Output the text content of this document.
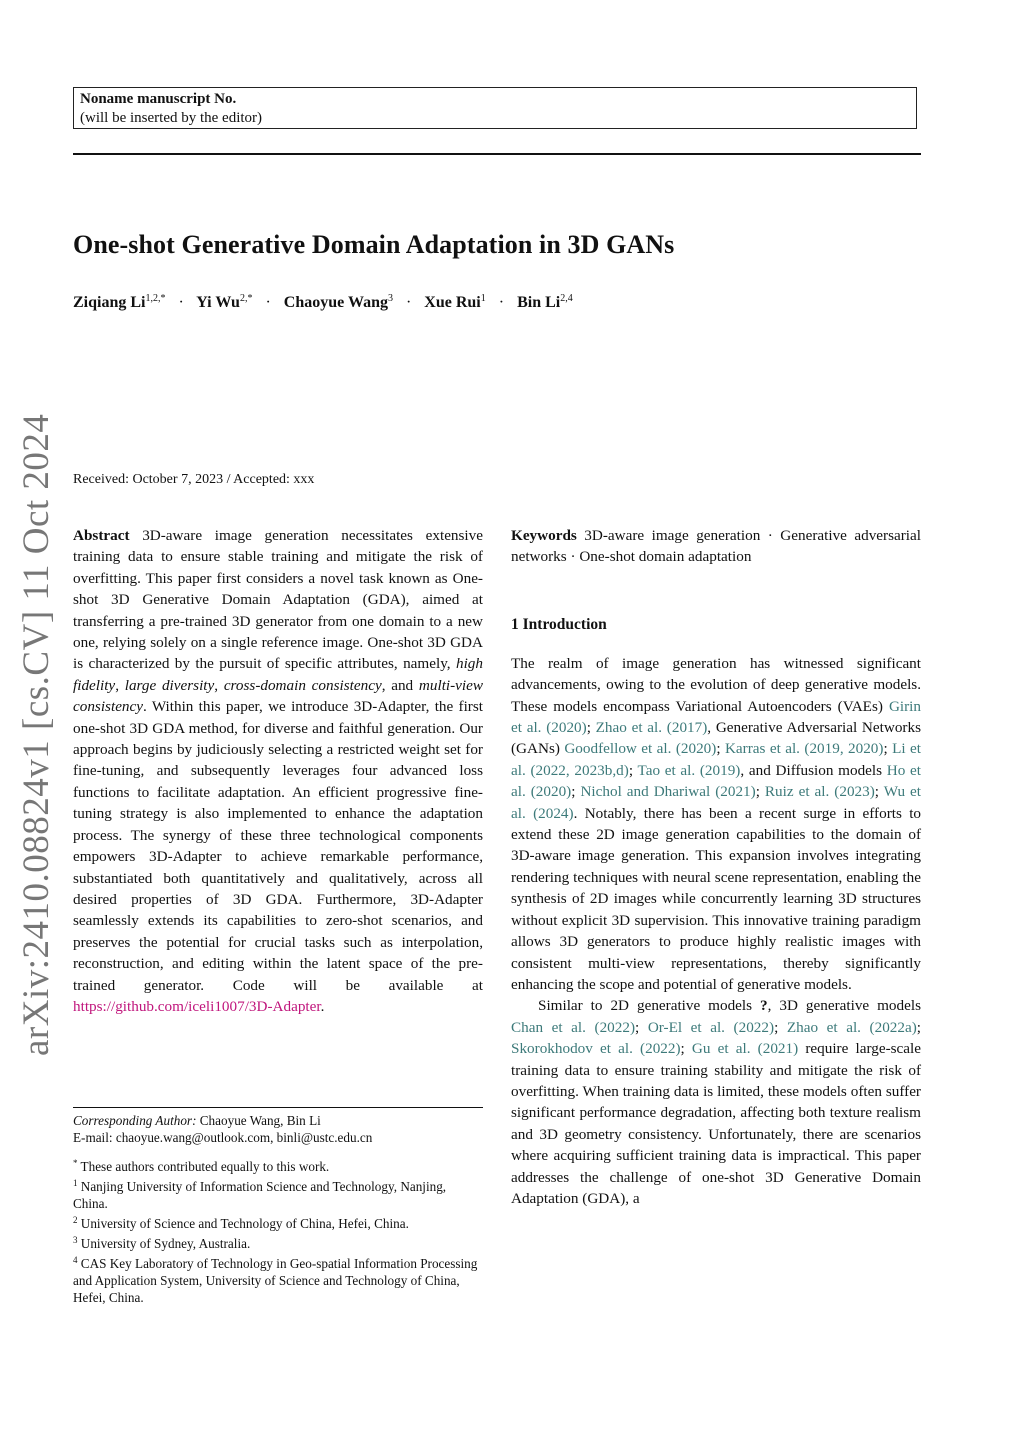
Noname manuscript No.
(will be inserted by the editor)
One-shot Generative Domain Adaptation in 3D GANs
Ziqiang $Li^{1,2,*} \cdot Yi$ $Wu^{2,*}$ · Chaoyue Wang$^3$ · Xue Rui$^1$ · Bin Li$^{2,4}$
arXiv:2410.08824v1 [cs.CV] 11 Oct 2024 Received: October 7, 2023 / Accepted: xxx

Abstract 3D-aware image generation necessitates extensive training data to ensure stable training and mitigate the risk of overfitting. This paper first considers a novel task known as One-shot 3D Generative Domain Adaptation (GDA), aimed at transferring a pre-trained 3D generator from one domain to a new one, relying solely on a single reference image. One-shot 3D GDA is characterized by the pursuit of specific attributes, namely, high fidelity, large diversity, cross-domain consistency, and multi-view consistency. Within this paper, we introduce 3D-Adapter, the first one-shot 3D GDA method, for diverse and faithful generation. Our approach begins by judiciously selecting a restricted weight set for fine-tuning, and subsequently leverages four advanced loss functions to facilitate adaptation. An efficient progressive fine-tuning strategy is also implemented to enhance the adaptation process. The synergy of these three technological components empowers 3D-Adapter to achieve remarkable performance, substantiated both quantitatively and qualitatively, across all desired properties of 3D GDA. Furthermore, 3D-Adapter seamlessly extends its capabilities to zero-shot scenarios, and preserves the potential for crucial tasks such as interpolation, reconstruction, and editing within the latent space of the pre-trained generator. Code will be available at https://github.com/iceli1007/3D-Adapter.

Corresponding Author: Chaoyue Wang, Bin Li

E-mail: chaoyue.wang@outlook.com, binli@ustc.edu.cn

* These authors contributed equally to this work.

$^1$ Nanjing University of Information Science and Technology, Nanjing, China.

$^2$ University of Science and Technology of China, Hefei, China.

$^3$ University of Sydney, Australia.

$^4$ CAS Key Laboratory of Technology in Geo-spatial Information Processing and Application System, University of Science and Technology of China, Hefei, China.

Keywords 3D-aware image generation · Generative adversarial networks · One-shot domain adaptation

1 Introduction

The realm of image generation has witnessed significant advancements, owing to the evolution of deep generative models. These models encompass Variational Autoencoders (VAEs) Girin et al. (2020); Zhao et al. (2017), Generative Adversarial Networks (GANs) Goodfellow et al. (2020); Karras et al. (2019, 2020); Li et al. (2022, 2023b,d); Tao et al. (2019), and Diffusion models Ho et al. (2020); Nichol and Dhariwal (2021); Ruiz et al. (2023); Wu et al. (2024). Notably, there has been a recent surge in efforts to extend these 2D image generation capabilities to the domain of 3D-aware image generation. This expansion involves integrating rendering techniques with neural scene representation, enabling the synthesis of 2D images while concurrently learning 3D structures without explicit 3D supervision. This innovative training paradigm allows 3D generators to produce highly realistic images with consistent multi-view representations, thereby significantly enhancing the scope and potential of generative models.

Similar to 2D generative models ?, 3D generative models Chan et al. (2022); Or-El et al. (2022); Zhao et al. (2022a); Skorokhodov et al. (2022); Gu et al. (2021) require large-scale training data to ensure training stability and mitigate the risk of overfitting. When training data is limited, these models often suffer significant performance degradation, affecting both texture realism and 3D geometry consistency. Unfortunately, there are scenarios where acquiring sufficient training data is impractical. This paper addresses the challenge of one-shot 3D Generative Domain Adaptation (GDA), a
